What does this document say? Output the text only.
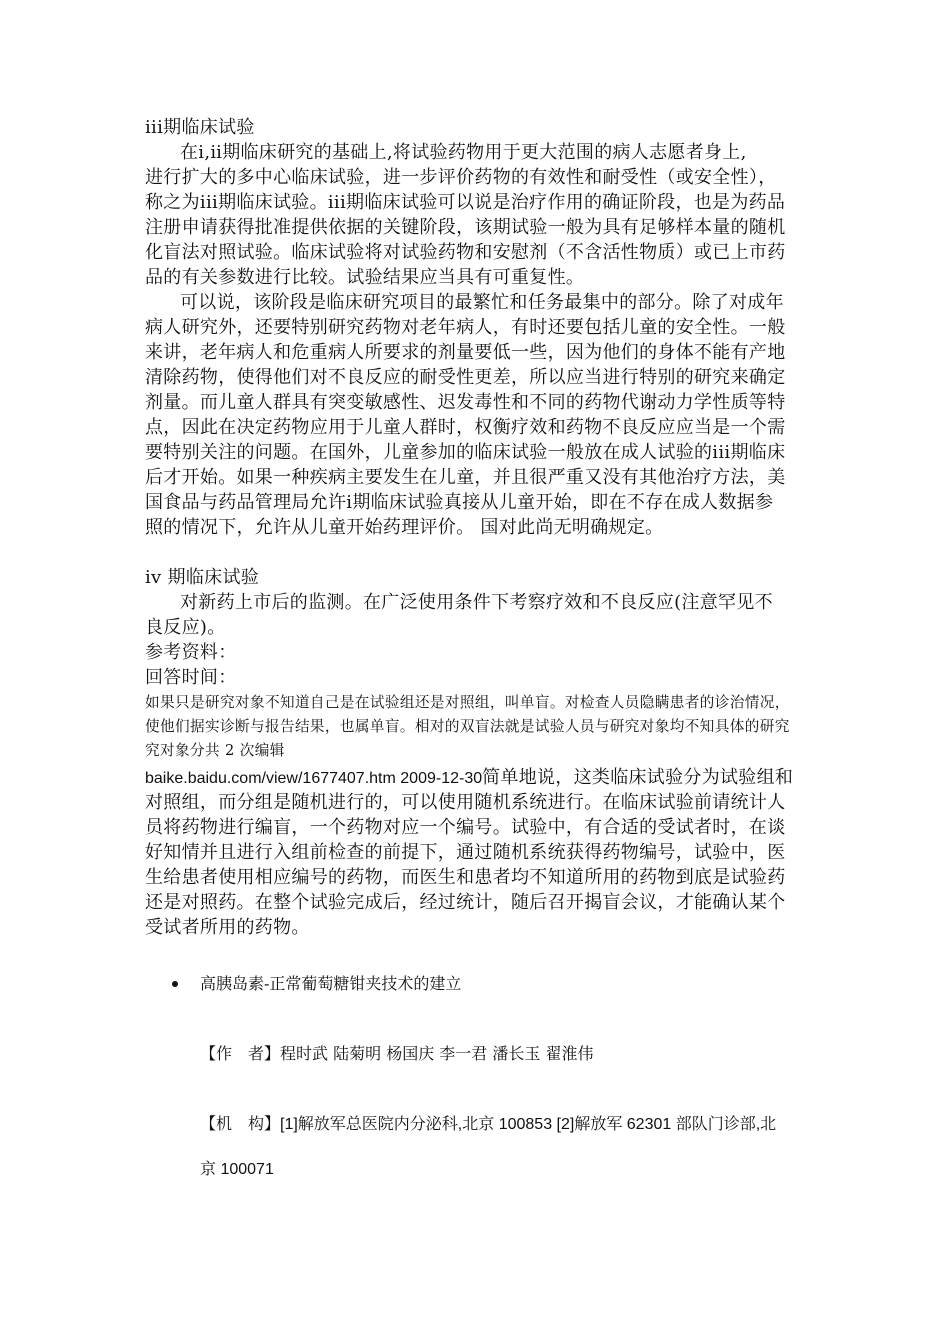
iii期临床试验
在ⅰ,ⅱ期临床研究的基础上,将试验药物用于更大范围的病人志愿者身上,
进行扩大的多中心临床试验，进一步评价药物的有效性和耐受性（或安全性），
称之为iii期临床试验。iii期临床试验可以说是治疗作用的确证阶段，也是为药品
注册申请获得批准提供依据的关键阶段，该期试验一般为具有足够样本量的随机
化盲法对照试验。临床试验将对试验药物和安慰剂（不含活性物质）或已上市药
品的有关参数进行比较。试验结果应当具有可重复性。
可以说，该阶段是临床研究项目的最繁忙和任务最集中的部分。除了对成年
病人研究外，还要特别研究药物对老年病人，有时还要包括儿童的安全性。一般
来讲，老年病人和危重病人所要求的剂量要低一些，因为他们的身体不能有产地
清除药物，使得他们对不良反应的耐受性更差，所以应当进行特别的研究来确定
剂量。而儿童人群具有突变敏感性、迟发毒性和不同的药物代谢动力学性质等特
点，因此在决定药物应用于儿童人群时，权衡疗效和药物不良反应应当是一个需
要特别关注的问题。在国外，儿童参加的临床试验一般放在成人试验的iii期临床
后才开始。如果一种疾病主要发生在儿童，并且很严重又没有其他治疗方法，美
国食品与药品管理局允许ⅰ期临床试验真接从儿童开始，即在不存在成人数据参
照的情况下，允许从儿童开始药理评价。 国对此尚无明确规定。
iv 期临床试验
对新药上市后的监测。在广泛使用条件下考察疗效和不良反应(注意罕见不
良反应)。
参考资料：
回答时间：
如果只是研究对象不知道自己是在试验组还是对照组，叫单盲。对检查人员隐瞒患者的诊治情况，
使他们据实诊断与报告结果，也属单盲。相对的双盲法就是试验人员与研究对象均不知具体的研究
究对象分共 2 次编辑
baike.baidu.com/view/1677407.htm 2009-12-30简单地说，这类临床试验分为试验组和
对照组，而分组是随机进行的，可以使用随机系统进行。在临床试验前请统计人
员将药物进行编盲，一个药物对应一个编号。试验中，有合适的受试者时，在谈
好知情并且进行入组前检查的前提下，通过随机系统获得药物编号，试验中，医
生给患者使用相应编号的药物，而医生和患者均不知道所用的药物到底是试验药
还是对照药。在整个试验完成后，经过统计，随后召开揭盲会议，才能确认某个
受试者所用的药物。
高胰岛素-正常葡萄糖钳夹技术的建立
【作　者】程时武 陆菊明 杨国庆 李一君 潘长玉 翟淮伟
【机　构】[1]解放军总医院内分泌科,北京 100853 [2]解放军 62301 部队门诊部,北
京 100071
